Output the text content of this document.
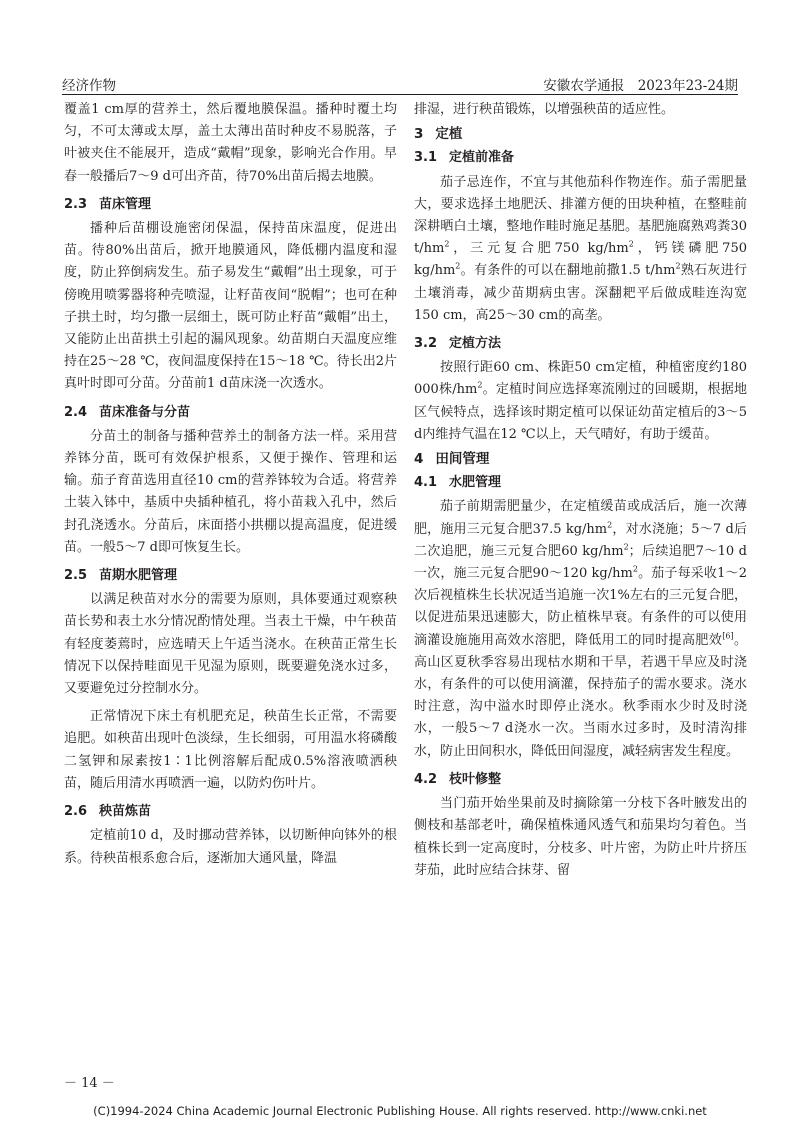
经济作物	安徽农学通报　2023年23-24期

覆盖1 cm厚的营养土，然后覆地膜保温。播种时覆土均匀，不可太薄或太厚，盖土太薄出苗时种皮不易脱落，子叶被夹住不能展开，造成“戴帽”现象，影响光合作用。早春一般播后7～9 d可出齐苗，待70%出苗后揭去地膜。

2.3 苗床管理

播种后苗棚设施密闭保温，保持苗床温度，促进出苗。待80%出苗后，掀开地膜通风，降低棚内温度和湿度，防止猝倒病发生。茄子易发生“戴帽”出土现象，可于傍晚用喷雾器将种壳喷湿，让籽苗夜间“脱帽”；也可在种子拱土时，均匀撒一层细土，既可防止籽苗“戴帽”出土，又能防止出苗拱土引起的漏风现象。幼苗期白天温度应维持在25～28 ℃，夜间温度保持在15～18 ℃。待长出2片真叶时即可分苗。分苗前1 d苗床浇一次透水。

2.4 苗床准备与分苗

分苗土的制备与播种营养土的制备方法一样。采用营养钵分苗，既可有效保护根系，又便于操作、管理和运输。茄子育苗选用直径10 cm的营养钵较为合适。将营养土装入钵中，基质中央插种植孔，将小苗栽入孔中，然后封孔浇透水。分苗后，床面搭小拱棚以提高温度，促进缓苗。一般5～7 d即可恢复生长。

2.5 苗期水肥管理

以满足秧苗对水分的需要为原则，具体要通过观察秧苗长势和表土水分情况酌情处理。当表土干燥，中午秧苗有轻度萎蔫时，应选晴天上午适当浇水。在秧苗正常生长情况下以保持畦面见干见湿为原则，既要避免浇水过多，又要避免过分控制水分。

正常情况下床土有机肥充足，秧苗生长正常，不需要追肥。如秧苗出现叶色淡绿，生长细弱，可用温水将磷酸二氢钾和尿素按1∶1比例溶解后配成0.5%溶液喷洒秧苗，随后用清水再喷洒一遍，以防灼伤叶片。

2.6 秧苗炼苗

定植前10 d，及时挪动营养钵，以切断伸向钵外的根系。待秧苗根系愈合后，逐渐加大通风量，降温

排湿，进行秧苗锻炼，以增强秧苗的适应性。

3 定植
3.1 定植前准备

茄子忌连作，不宜与其他茄科作物连作。茄子需肥量大，要求选择土地肥沃、排灌方便的田块种植，在整畦前深耕晒白土壤，整地作畦时施足基肥。基肥施腐熟鸡粪30 $t/hm^2$，三元复合肥750 $kg/hm^2$，钙镁磷肥750 $kg/hm^2$。有条件的可以在翻地前撒1.5 $t/hm^2$熟石灰进行土壤消毒，减少苗期病虫害。深翻耙平后做成畦连沟宽150 cm，高25～30 cm的高垄。

3.2 定植方法

按照行距60 cm、株距50 cm定植，种植密度约180 000株$/hm^2$。定植时间应选择寒流刚过的回暖期，根据地区气候特点，选择该时期定植可以保证幼苗定植后的3～5 d内维持气温在12 ℃以上，天气晴好，有助于缓苗。

4 田间管理
4.1 水肥管理

茄子前期需肥量少，在定植缓苗或成活后，施一次薄肥，施用三元复合肥37.5 $kg/hm^2$，对水浇施；5～7 d后二次追肥，施三元复合肥60 $kg/hm^2$；后续追肥7～10 d一次，施三元复合肥90～120 $kg/hm^2$。茄子每采收1～2次后视植株生长状况适当追施一次1%左右的三元复合肥，以促进茄果迅速膨大，防止植株早衰。有条件的可以使用滴灌设施施用高效水溶肥，降低用工的同时提高肥效[6]。高山区夏秋季容易出现枯水期和干旱，若遇干旱应及时浇水，有条件的可以使用滴灌，保持茄子的需水要求。浇水时注意，沟中溢水时即停止浇水。秋季雨水少时及时浇水，一般5～7 d浇水一次。当雨水过多时，及时清沟排水，防止田间积水，降低田间湿度，减轻病害发生程度。

4.2 枝叶修整

当门茄开始坐果前及时摘除第一分枝下各叶腋发出的侧枝和基部老叶，确保植株通风透气和茄果均匀着色。当植株长到一定高度时，分枝多、叶片密，为防止叶片挤压芽茄，此时应结合抹芽、留

－ 14 －
(C)1994-2024 China Academic Journal Electronic Publishing House. All rights reserved. http://www.cnki.net
